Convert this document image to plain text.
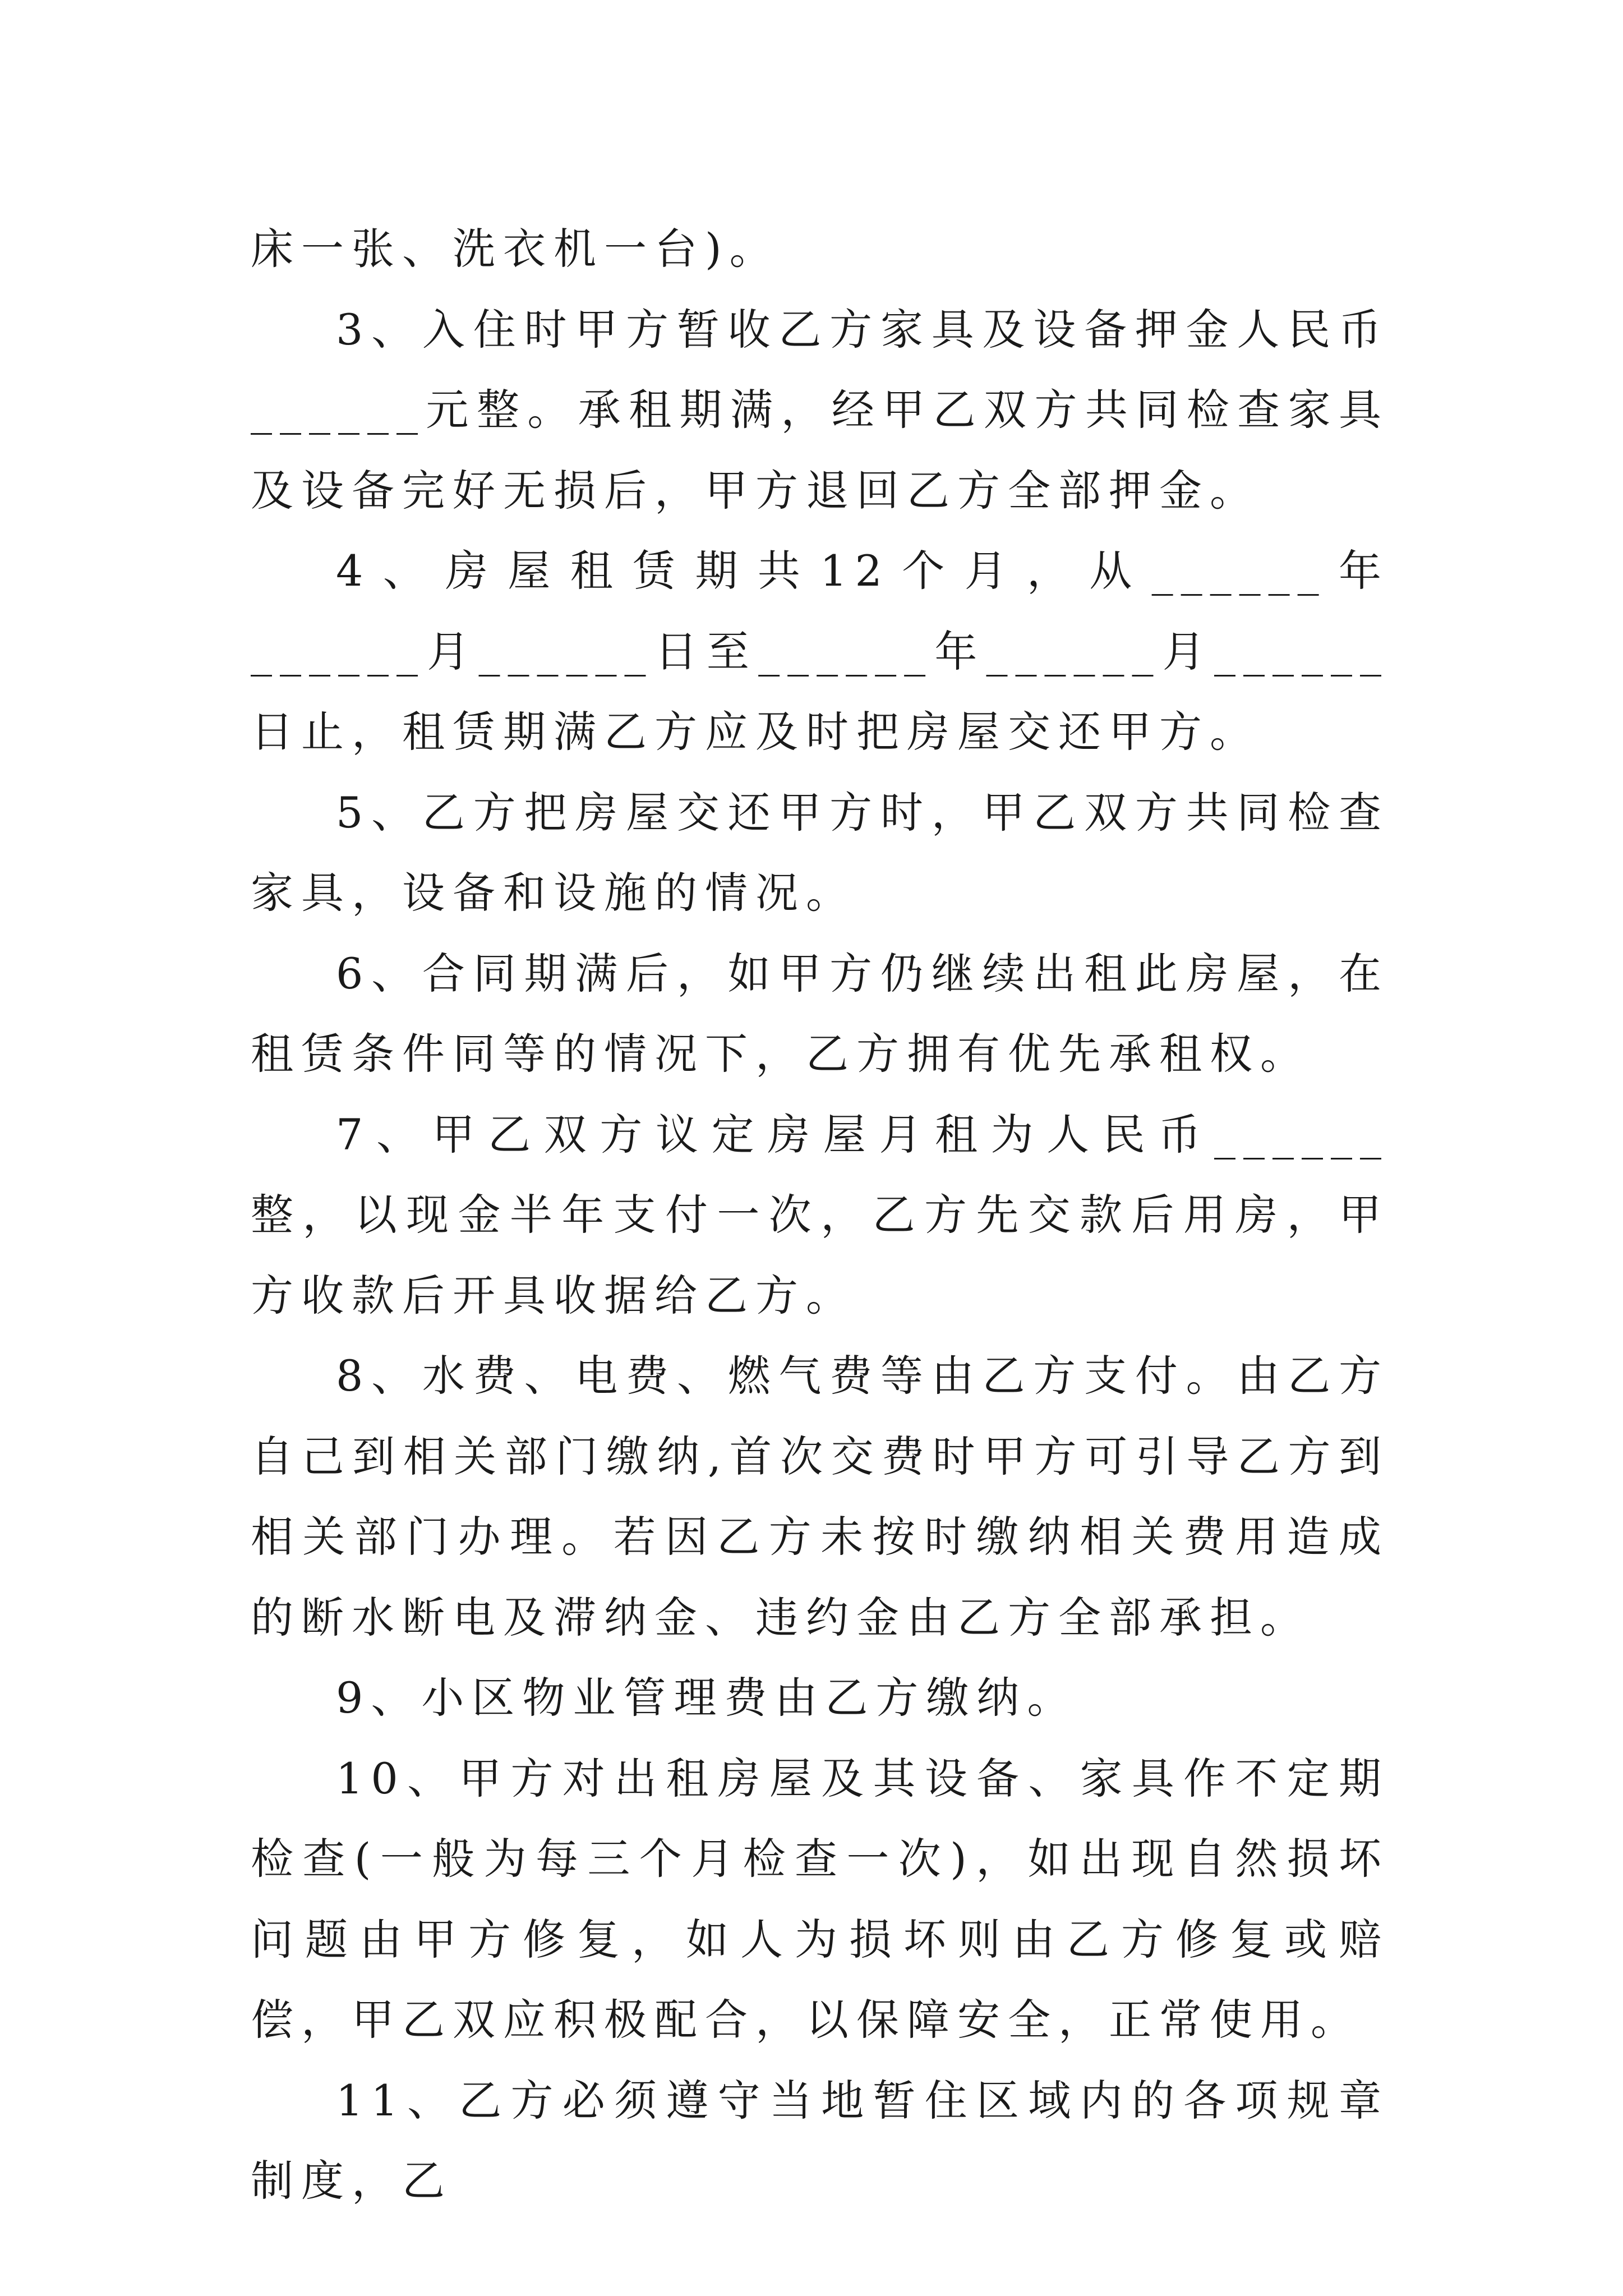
床一张、洗衣机一台)。

3、入住时甲方暂收乙方家具及设备押金人民币______元整。承租期满，经甲乙双方共同检查家具及设备完好无损后，甲方退回乙方全部押金。

4、房屋租赁期共12个月，从______年______月______日至______年______月______日止，租赁期满乙方应及时把房屋交还甲方。

5、乙方把房屋交还甲方时，甲乙双方共同检查家具，设备和设施的情况。

6、合同期满后，如甲方仍继续出租此房屋，在租赁条件同等的情况下，乙方拥有优先承租权。

7、甲乙双方议定房屋月租为人民币______整，以现金半年支付一次，乙方先交款后用房，甲方收款后开具收据给乙方。

8、水费、电费、燃气费等由乙方支付。由乙方自己到相关部门缴纳,首次交费时甲方可引导乙方到相关部门办理。若因乙方未按时缴纳相关费用造成的断水断电及滞纳金、违约金由乙方全部承担。

9、小区物业管理费由乙方缴纳。

10、甲方对出租房屋及其设备、家具作不定期检查(一般为每三个月检查一次)，如出现自然损坏问题由甲方修复，如人为损坏则由乙方修复或赔偿，甲乙双应积极配合，以保障安全，正常使用。

11、乙方必须遵守当地暂住区域内的各项规章制度，乙
